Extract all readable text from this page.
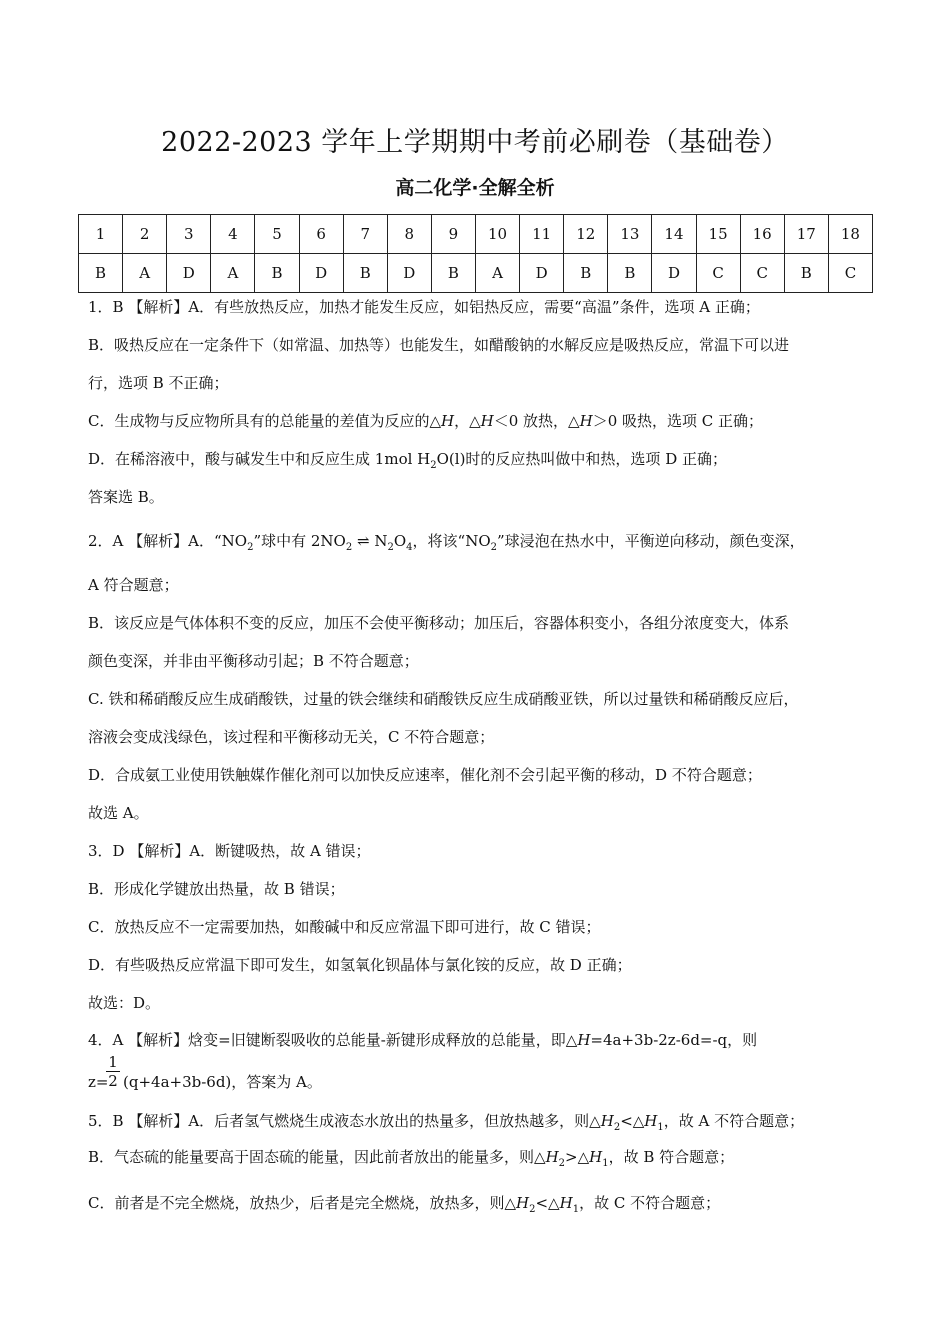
2022-2023 学年上学期期中考前必刷卷（基础卷）
高二化学·全解全析
1	2	3	4	5	6	7	8	9	10	11	12	13	14	15	16	17	18
B	A	D	A	B	D	B	D	B	A	D	B	B	D	C	C	B	C
1．B 【解析】A．有些放热反应，加热才能发生反应，如铝热反应，需要“高温”条件，选项 A 正确；
B．吸热反应在一定条件下（如常温、加热等）也能发生，如醋酸钠的水解反应是吸热反应，常温下可以进
行，选项 B 不正确；
C．生成物与反应物所具有的总能量的差值为反应的△H，△H＜0 放热，△H＞0 吸热，选项 C 正确；
D．在稀溶液中，酸与碱发生中和反应生成 1mol $H_2O(l)$时的反应热叫做中和热，选项 D 正确；
答案选 B。
2．A 【解析】A．“$NO_2$”球中有 $2NO_2$ ⇌ $N_2O_4$，将该“$NO_2$”球浸泡在热水中，平衡逆向移动，颜色变深，
A 符合题意；
B．该反应是气体体积不变的反应，加压不会使平衡移动；加压后，容器体积变小，各组分浓度变大，体系
颜色变深，并非由平衡移动引起；B 不符合题意；
C. 铁和稀硝酸反应生成硝酸铁，过量的铁会继续和硝酸铁反应生成硝酸亚铁，所以过量铁和稀硝酸反应后，
溶液会变成浅绿色，该过程和平衡移动无关，C 不符合题意；
D．合成氨工业使用铁触媒作催化剂可以加快反应速率，催化剂不会引起平衡的移动，D 不符合题意；
故选 A。
3．D 【解析】A．断键吸热，故 A 错误；
B．形成化学键放出热量，故 B 错误；
C．放热反应不一定需要加热，如酸碱中和反应常温下即可进行，故 C 错误；
D．有些吸热反应常温下即可发生，如氢氧化钡晶体与氯化铵的反应，故 D 正确；
故选：D。
4．A 【解析】焓变=旧键断裂吸收的总能量-新键形成释放的总能量，即△H=4a+3b-2z-6d=-q，则
z=
1
2 (q+4a+3b-6d)，答案为 A。
5．B 【解析】A．后者氢气燃烧生成液态水放出的热量多，但放热越多，则$\triangle H_2<\triangle H_1$，故 A 不符合题意；
B．气态硫的能量要高于固态硫的能量，因此前者放出的能量多，则$\triangle H_2>\triangle H_1$，故 B 符合题意；
C．前者是不完全燃烧，放热少，后者是完全燃烧，放热多，则$\triangle H_2<\triangle H_1$，故 C 不符合题意；
